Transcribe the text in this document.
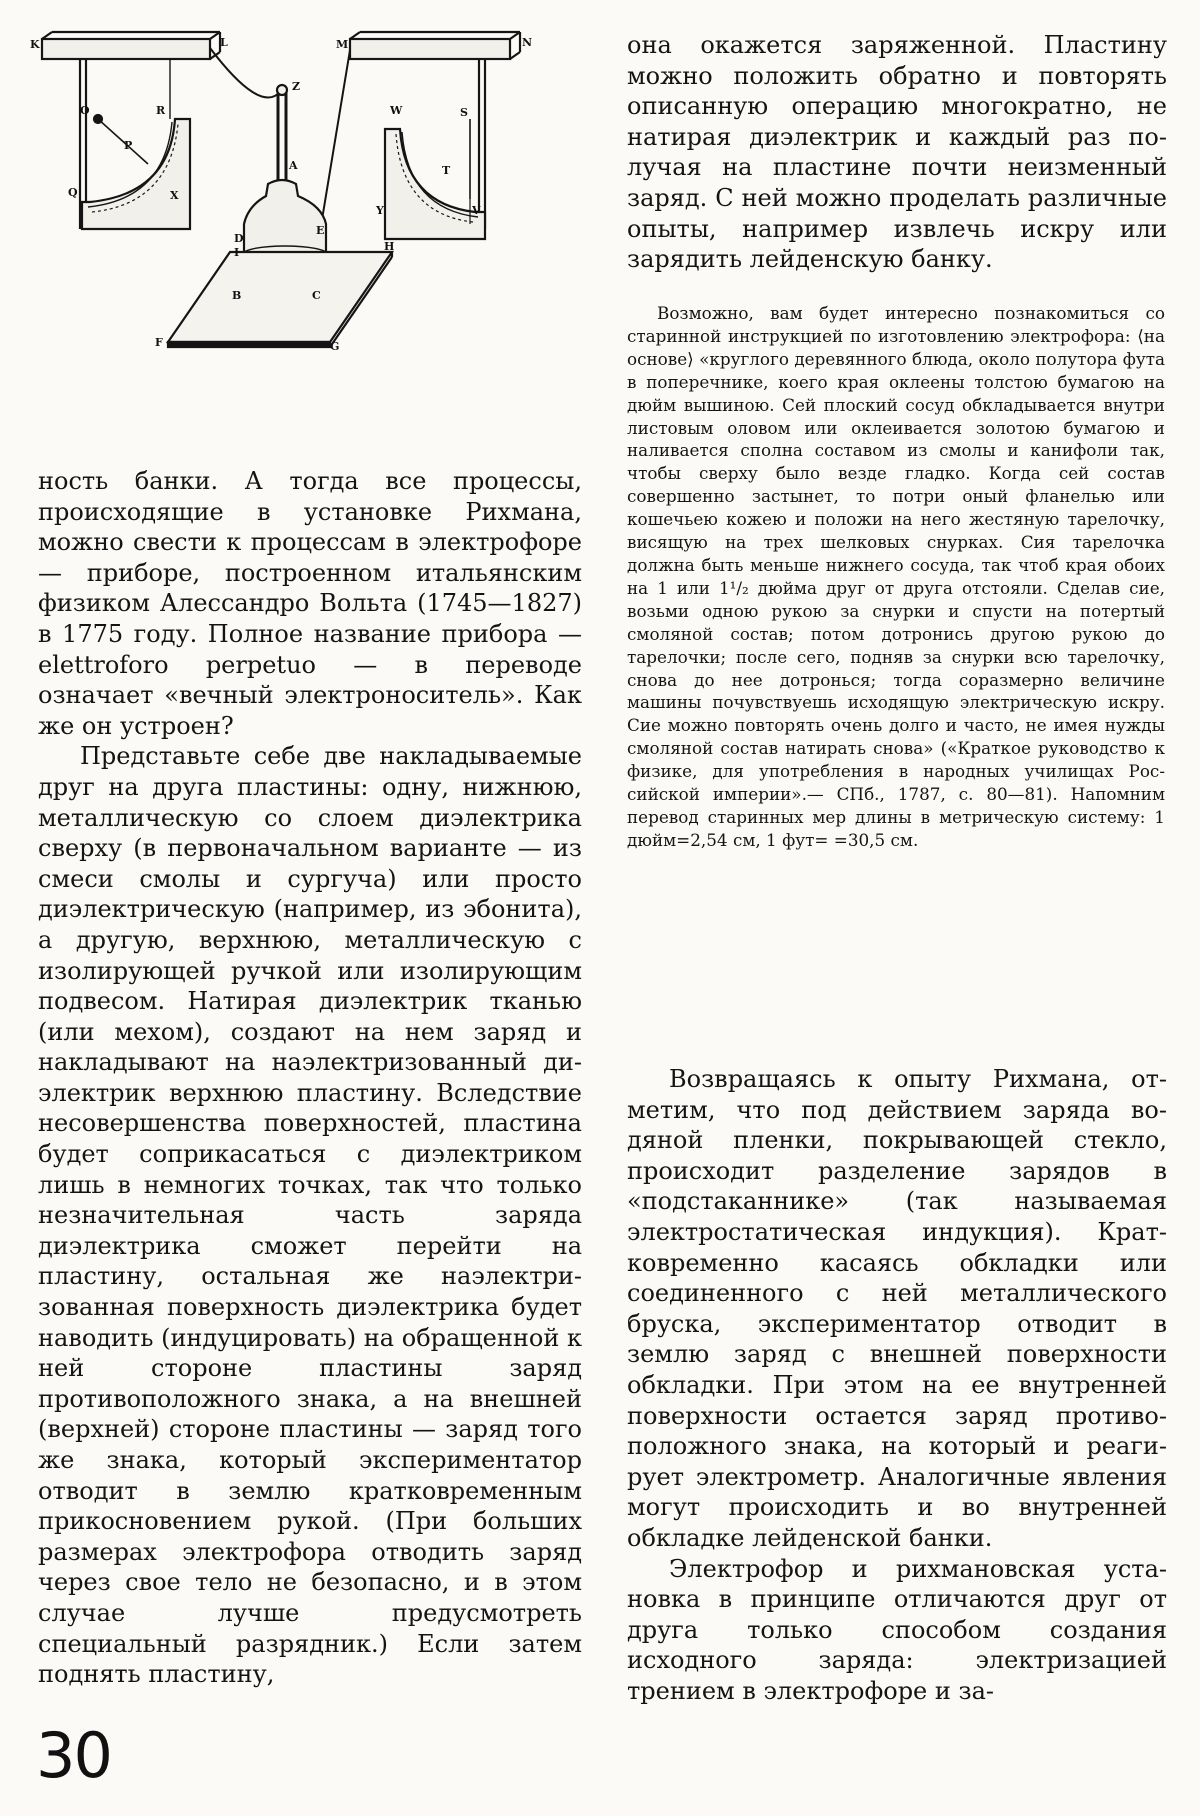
K	L	M	N
Z
O	R
P
Q	X
W	S
T
Y	V
A
D
I
E
H
B	C
F	G

ность банки. А тогда все процессы, происходящие в установке Рихмана, можно свести к процессам в электрофоре — приборе, построенном итальянским физиком Алессандро Вольта (1745—1827) в 1775 году. Полное название прибора — elettroforo perpetuo — в переводе означает «вечный электроноситель». Как же он устроен?

Представьте себе две накладываемые друг на друга пластины: одну, нижнюю, металлическую со слоем диэлектрика сверху (в первоначальном варианте — из смеси смолы и сургуча) или просто диэлектрическую (например, из эбонита), а другую, верхнюю, металлическую с изолирующей ручкой или изолирующим подвесом. Натирая диэлектрик тканью (или мехом), создают на нем заряд и накладывают на наэлектризованный диэлектрик верхнюю пластину. Вследствие несовершенства поверхностей, пластина будет соприкасаться с диэлектриком лишь в немногих точках, так что только незначительная часть заряда диэлектрика сможет перейти на пластину, остальная же наэлектризованная поверхность диэлектрика будет наводить (индуцировать) на обращенной к ней стороне пластины заряд противоположного знака, а на внешней (верхней) стороне пластины — заряд того же знака, который экспериментатор отводит в землю кратковременным прикосновением рукой. (При больших размерах электрофора отводить заряд через свое тело не безопасно, и в этом случае лучше предусмотреть специальный разрядник.) Если затем поднять пластину,

она окажется заряженной. Пластину можно положить обратно и повторять описанную операцию многократно, не натирая диэлектрик и каждый раз получая на пластине почти неизменный заряд. С ней можно проделать различные опыты, например извлечь искру или зарядить лейденскую банку.

Возможно, вам будет интересно познакомиться со старинной инструкцией по изготовлению электрофора: ⟨на основе⟩ «круглого деревянного блюда, около полутора фута в поперечнике, коего края оклеены толстою бумагою на дюйм вышиною. Сей плоский сосуд обкладывается внутри листовым оловом или оклеивается золотою бумагою и наливается сполна составом из смолы и канифоли так, чтобы сверху было везде гладко. Когда сей состав совершенно застынет, то потри оный фланелью или кошечьею кожею и положи на него жестяную тарелочку, висящую на трех шелковых снурках. Сия тарелочка должна быть меньше нижнего сосуда, так чтоб края обоих на 1 или 1¹/₂ дюйма друг от друга отстояли. Сделав сие, возьми одною рукою за снурки и спусти на потертый смоляной состав; потом дотронись другою рукою до тарелочки; после сего, подняв за снурки всю тарелочку, снова до нее дотронься; тогда соразмерно величине машины почувствуешь исходящую электрическую искру. Сие можно повторять очень долго и часто, не имея нужды смоляной состав натирать снова» («Краткое руководство к физике, для употребления в народных училищах Российской империи».— СПб., 1787, с. 80—81). Напомним перевод старинных мер длины в метрическую систему: 1 дюйм=2,54 см, 1 фут= =30,5 см.

Возвращаясь к опыту Рихмана, отметим, что под действием заряда водяной пленки, покрывающей стекло, происходит разделение зарядов в «подстаканнике» (так называемая электростатическая индукция). Кратковременно касаясь обкладки или соединенного с ней металлического бруска, экспериментатор отводит в землю заряд с внешней поверхности обкладки. При этом на ее внутренней поверхности остается заряд противоположного знака, на который и реагирует электрометр. Аналогичные явления могут происходить и во внутренней обкладке лейденской банки.

Электрофор и рихмановская установка в принципе отличаются друг от друга только способом создания исходного заряда: электризацией трением в электрофоре и за-

30
